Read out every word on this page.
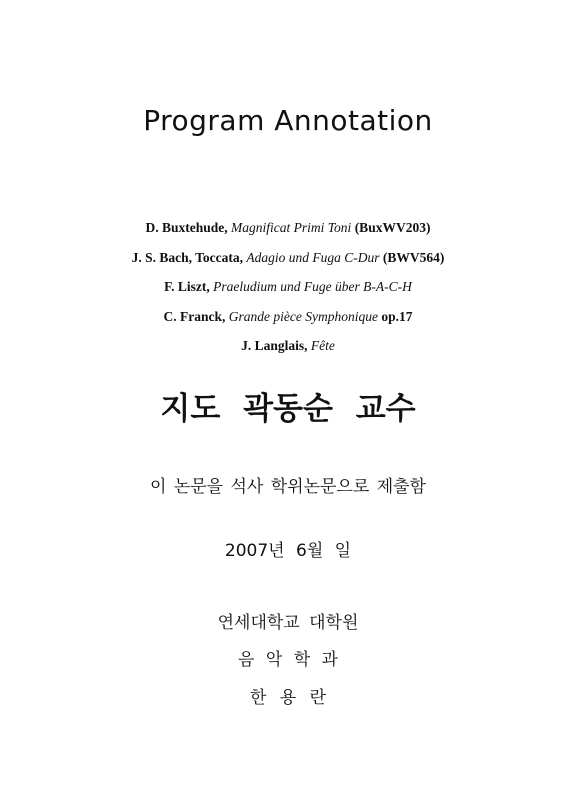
Program Annotation
D. Buxtehude, Magnificat Primi Toni (BuxWV203)
J. S. Bach, Toccata, Adagio und Fuga C-Dur (BWV564)
F. Liszt, Praeludium und Fuge über B-A-C-H
C. Franck, Grande pièce Symphonique op.17
J. Langlais, Fête
지도 곽동순 교수
이 논문을 석사 학위논문으로 제출함
2007년 6월 일
연세대학교 대학원
음 악 학 과
한 용 란
